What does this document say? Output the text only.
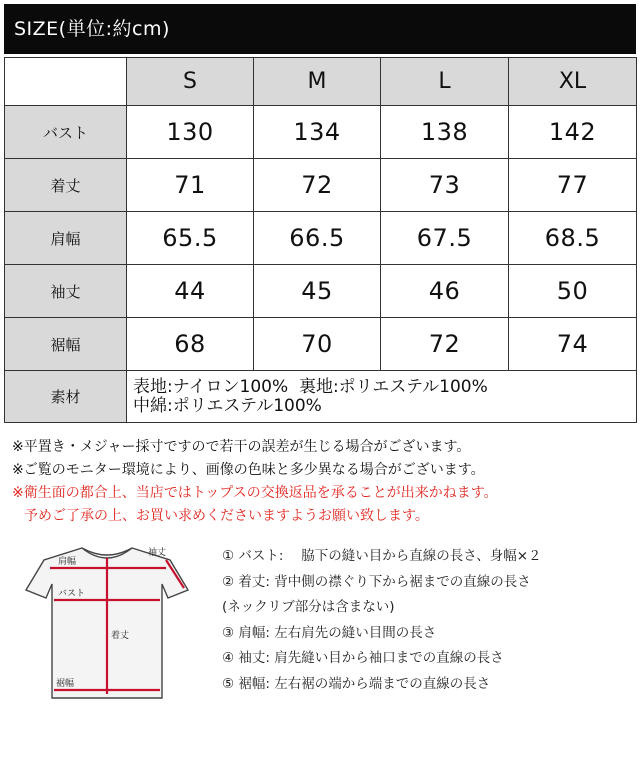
SIZE(単位:約cm)
	S	M	L	XL
バスト	130	134	138	142
着丈	71	72	73	77
肩幅	65.5	66.5	67.5	68.5
袖丈	44	45	46	50
裾幅	68	70	72	74
素材	表地:ナイロン100%  裏地:ポリエステル100%
中綿:ポリエステル100%			
※平置き・メジャー採寸ですので若干の誤差が生じる場合がございます。
※ご覧のモニター環境により、画像の色味と多少異なる場合がございます。
※衛生面の都合上、当店ではトップスの交換返品を承ることが出来かねます。
予めご了承の上、お買い求めくださいますようお願い致します。
袖丈
肩幅
バスト
着丈
裾幅
① バスト:　 脇下の縫い目から直線の長さ、身幅×２
② 着丈: 背中側の襟ぐり下から裾までの直線の長さ
(ネックリブ部分は含まない)
③ 肩幅: 左右肩先の縫い目間の長さ
④ 袖丈: 肩先縫い目から袖口までの直線の長さ
⑤ 裾幅: 左右裾の端から端までの直線の長さ
